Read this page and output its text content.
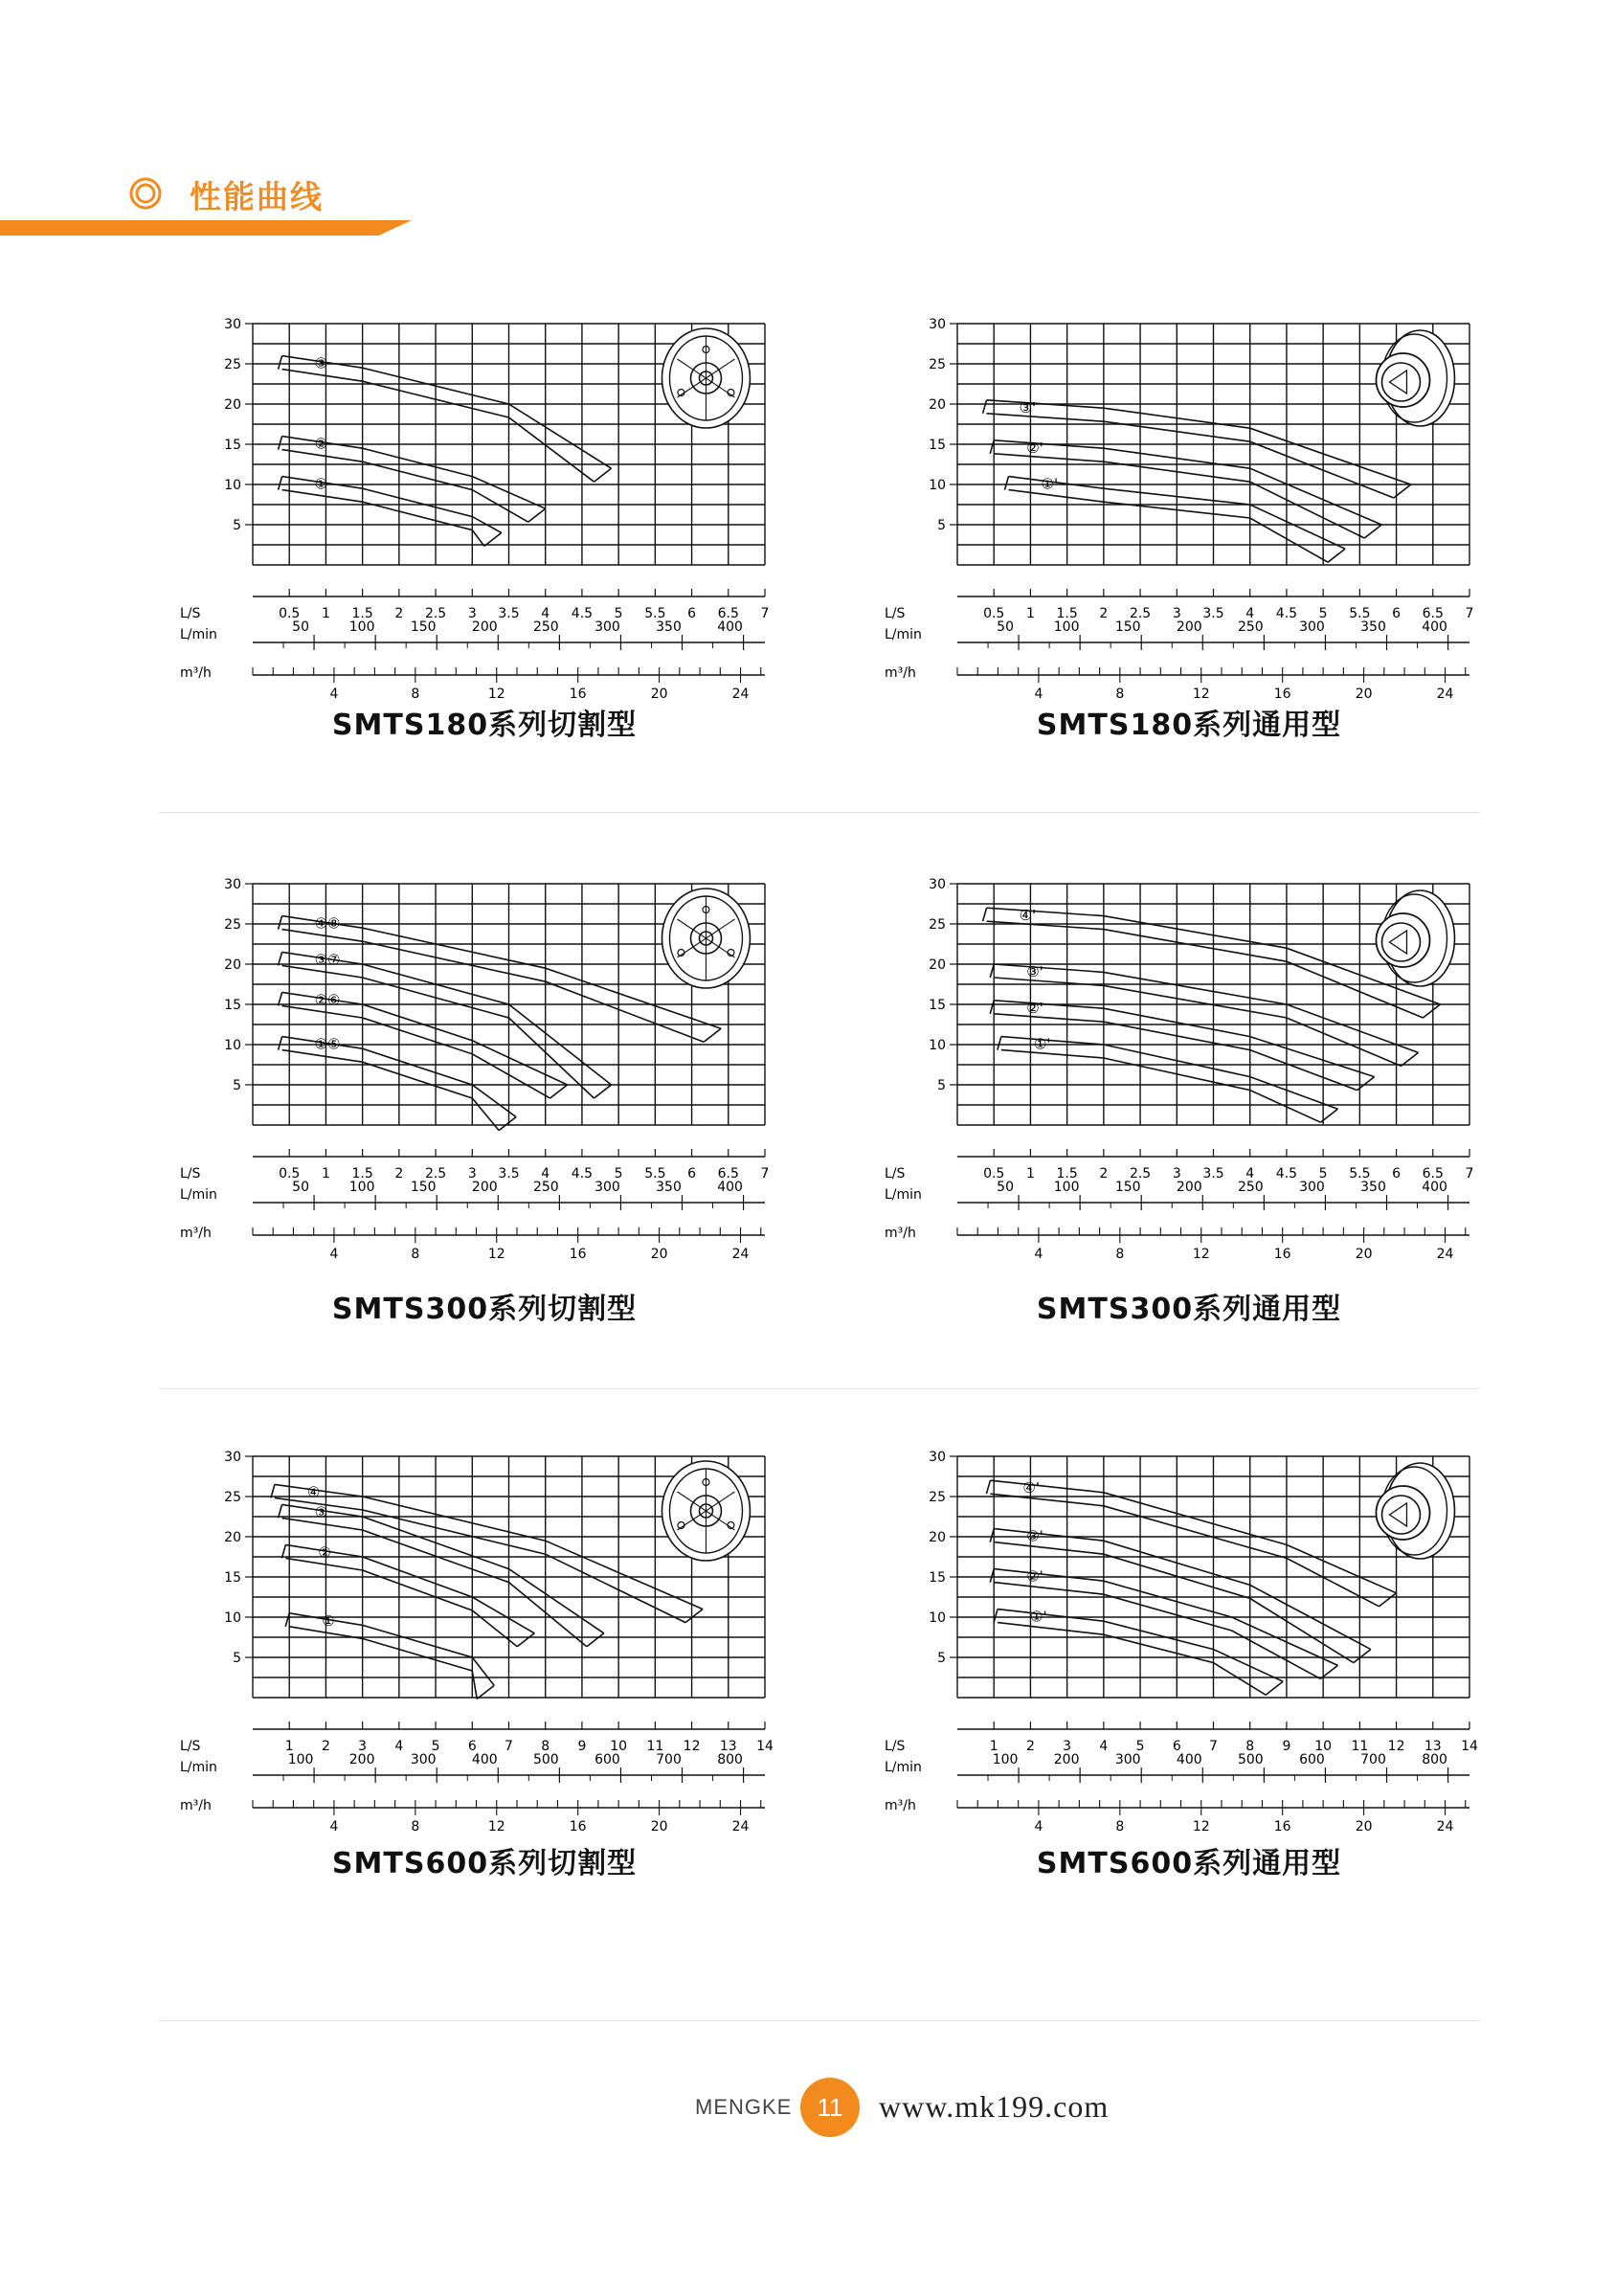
性能曲线
5
10
15
20
25
30
L/S	0.5 1 1.5 2 2.5 3 3.5 4 4.5 5 5.5 6 6.5 7
L/min	50	100	150	200	250	300	350	400
m³/h
4	8	12	16	20	24
①
②
③
SMTS180系列切割型
5
10
15
20
25
30
L/S	0.5 1 1.5 2 2.5 3 3.5 4 4.5 5 5.5 6 6.5 7
L/min	50	100	150	200	250	300	350	400
m³/h
4	8	12	16	20	24
①'
②'
③'
SMTS180系列通用型
5
10
15
20
25
30
L/S	0.5 1 1.5 2 2.5 3 3.5 4 4.5 5 5.5 6 6.5 7
L/min	50	100	150	200	250	300	350	400
m³/h
4	8	12	16	20	24
①⑤
②⑥
③⑦
④⑧
SMTS300系列切割型
5
10
15
20
25
30
L/S	0.5 1 1.5 2 2.5 3 3.5 4 4.5 5 5.5 6 6.5 7
L/min	50	100	150	200	250	300	350	400
m³/h
4	8	12	16	20	24
①'
②'
③'
④'
SMTS300系列通用型
5
10
15
20
25
30
L/S	1 2 3 4 5 6 7 8 9 10 11 12 13 14
L/min	100	200	300	400	500	600	700	800
m³/h
4	8	12	16	20	24
①
②
③
④
SMTS600系列切割型
5
10
15
20
25
30
L/S	1 2 3 4 5 6 7 8 9 10 11 12 13 14
L/min	100	200	300	400	500	600	700	800
m³/h
4	8	12	16	20	24
①'
②'
③'
④'
SMTS600系列通用型
MENGKE	11	www.mk199.com
